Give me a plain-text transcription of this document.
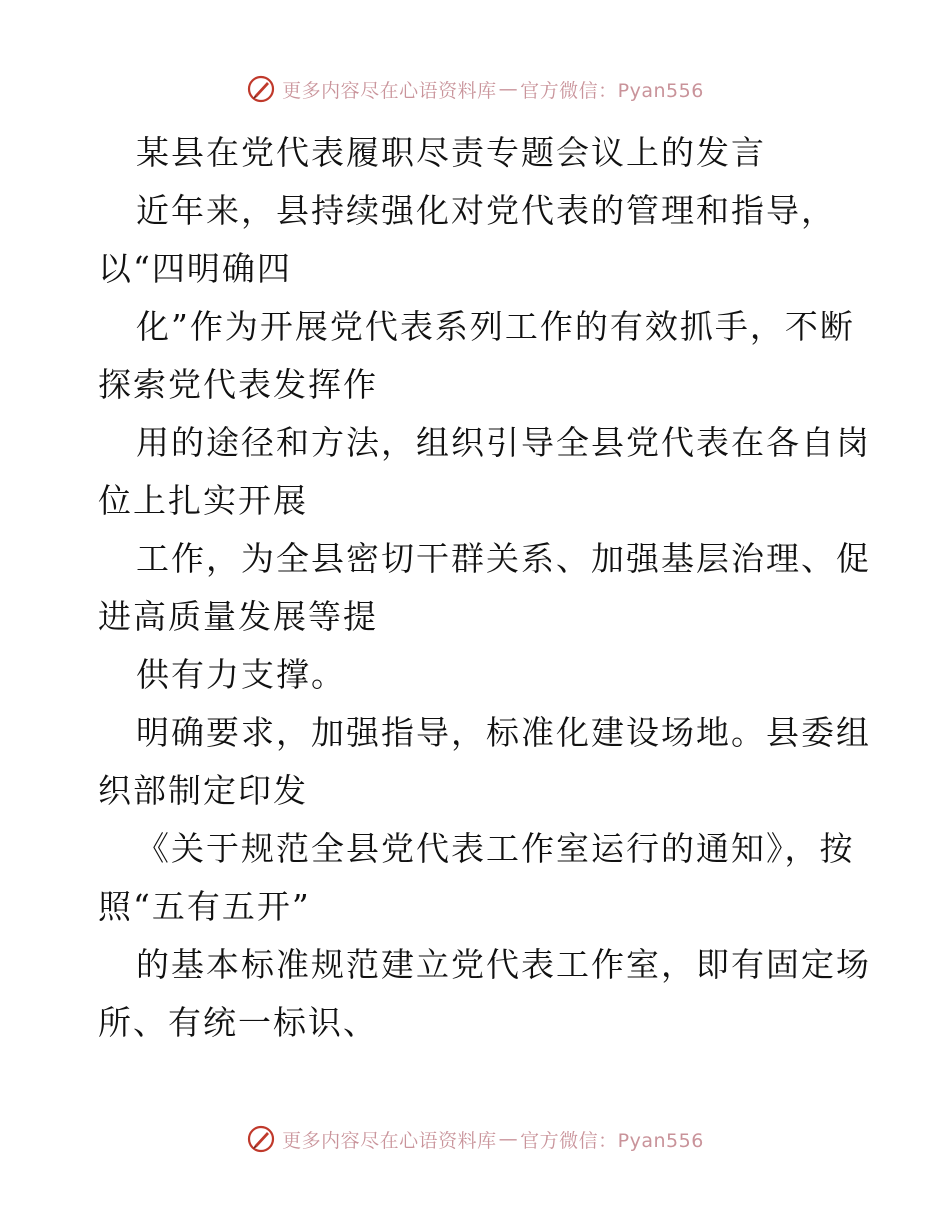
更多内容尽在心语资料库 — 官方微信：Pyan556
某县在党代表履职尽责专题会议上的发言
近年来，县持续强化对党代表的管理和指导，
以“四明确四
化”作为开展党代表系列工作的有效抓手，不断
探索党代表发挥作
用的途径和方法，组织引导全县党代表在各自岗
位上扎实开展
工作，为全县密切干群关系、加强基层治理、促
进高质量发展等提
供有力支撑。
明确要求，加强指导，标准化建设场地。县委组
织部制定印发
《关于规范全县党代表工作室运行的通知》，按
照“五有五开”
的基本标准规范建立党代表工作室，即有固定场
所、有统一标识、
更多内容尽在心语资料库 — 官方微信：Pyan556
